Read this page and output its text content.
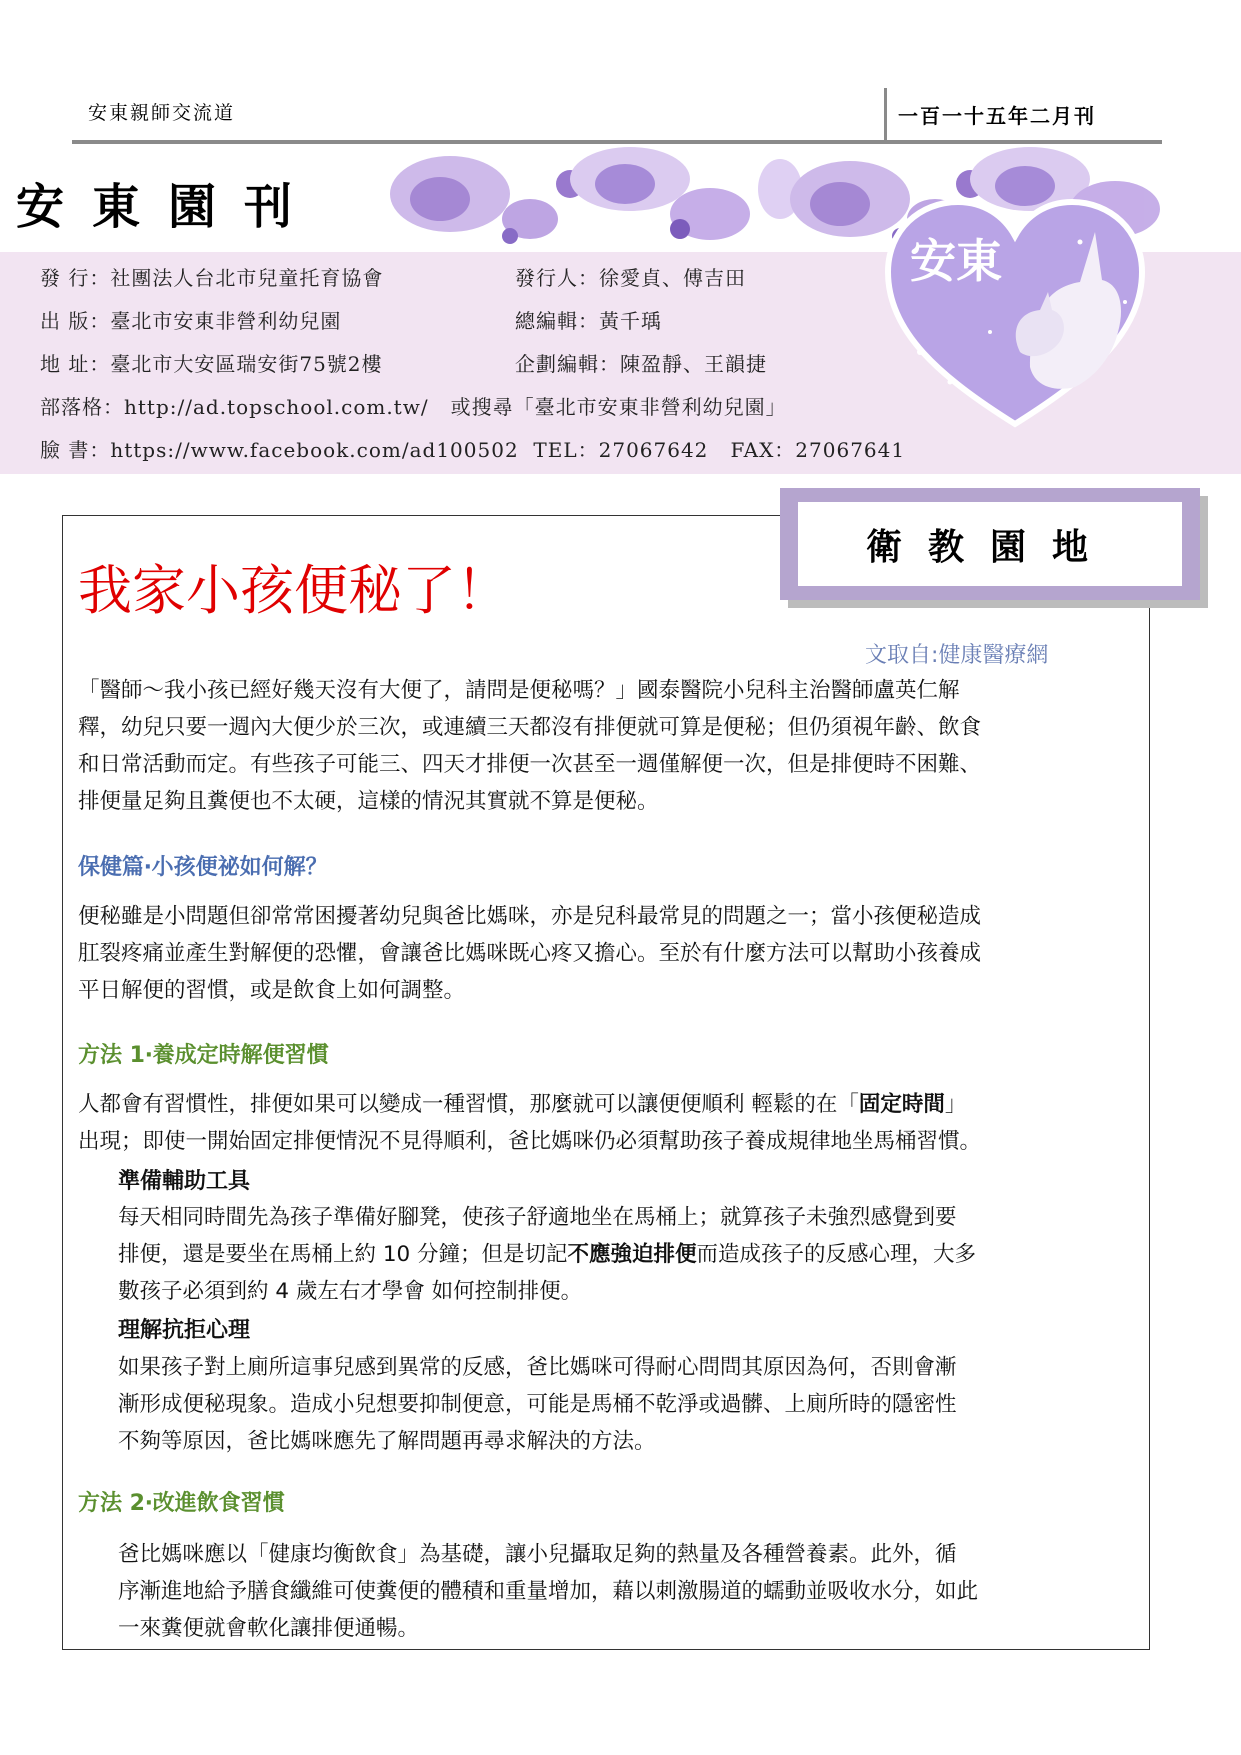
安東親師交流道	一百一十五年二月刊
發 行：社團法人台北市兒童托育協會	發行人：徐愛貞、傅吉田
出 版：臺北市安東非營利幼兒園	總編輯：黃千瑀
地 址：臺北市大安區瑞安街75號2樓	企劃編輯：陳盈靜、王韻捷
部落格：http://ad.topschool.com.tw/   或搜尋「臺北市安東非營利幼兒園」
臉 書：https://www.facebook.com/ad100502  TEL：27067642   FAX：27067641
安東園刊
安東
衛教園地
我家小孩便秘了！
文取自:健康醫療網
「醫師～我小孩已經好幾天沒有大便了，請問是便秘嗎？」國泰醫院小兒科主治醫師盧英仁解
釋，幼兒只要一週內大便少於三次，或連續三天都沒有排便就可算是便秘；但仍須視年齡、飲食
和日常活動而定。有些孩子可能三、四天才排便一次甚至一週僅解便一次，但是排便時不困難、
排便量足夠且糞便也不太硬，這樣的情況其實就不算是便秘。
保健篇‧小孩便祕如何解？
便秘雖是小問題但卻常常困擾著幼兒與爸比媽咪，亦是兒科最常見的問題之一；當小孩便秘造成
肛裂疼痛並產生對解便的恐懼，會讓爸比媽咪既心疼又擔心。至於有什麼方法可以幫助小孩養成
平日解便的習慣，或是飲食上如何調整。
方法 1‧養成定時解便習慣
人都會有習慣性，排便如果可以變成一種習慣，那麼就可以讓便便順利 輕鬆的在「固定時間」
出現；即使一開始固定排便情況不見得順利，爸比媽咪仍必須幫助孩子養成規律地坐馬桶習慣。
準備輔助工具
每天相同時間先為孩子準備好腳凳，使孩子舒適地坐在馬桶上；就算孩子未強烈感覺到要
排便，還是要坐在馬桶上約 10 分鐘；但是切記不應強迫排便而造成孩子的反感心理，大多
數孩子必須到約 4 歲左右才學會 如何控制排便。
理解抗拒心理
如果孩子對上廁所這事兒感到異常的反感，爸比媽咪可得耐心問問其原因為何，否則會漸
漸形成便秘現象。造成小兒想要抑制便意，可能是馬桶不乾淨或過髒、上廁所時的隱密性
不夠等原因，爸比媽咪應先了解問題再尋求解決的方法。
方法 2‧改進飲食習慣
爸比媽咪應以「健康均衡飲食」為基礎，讓小兒攝取足夠的熱量及各種營養素。此外，循
序漸進地給予膳食纖維可使糞便的體積和重量增加，藉以刺激腸道的蠕動並吸收水分，如此
一來糞便就會軟化讓排便通暢。
